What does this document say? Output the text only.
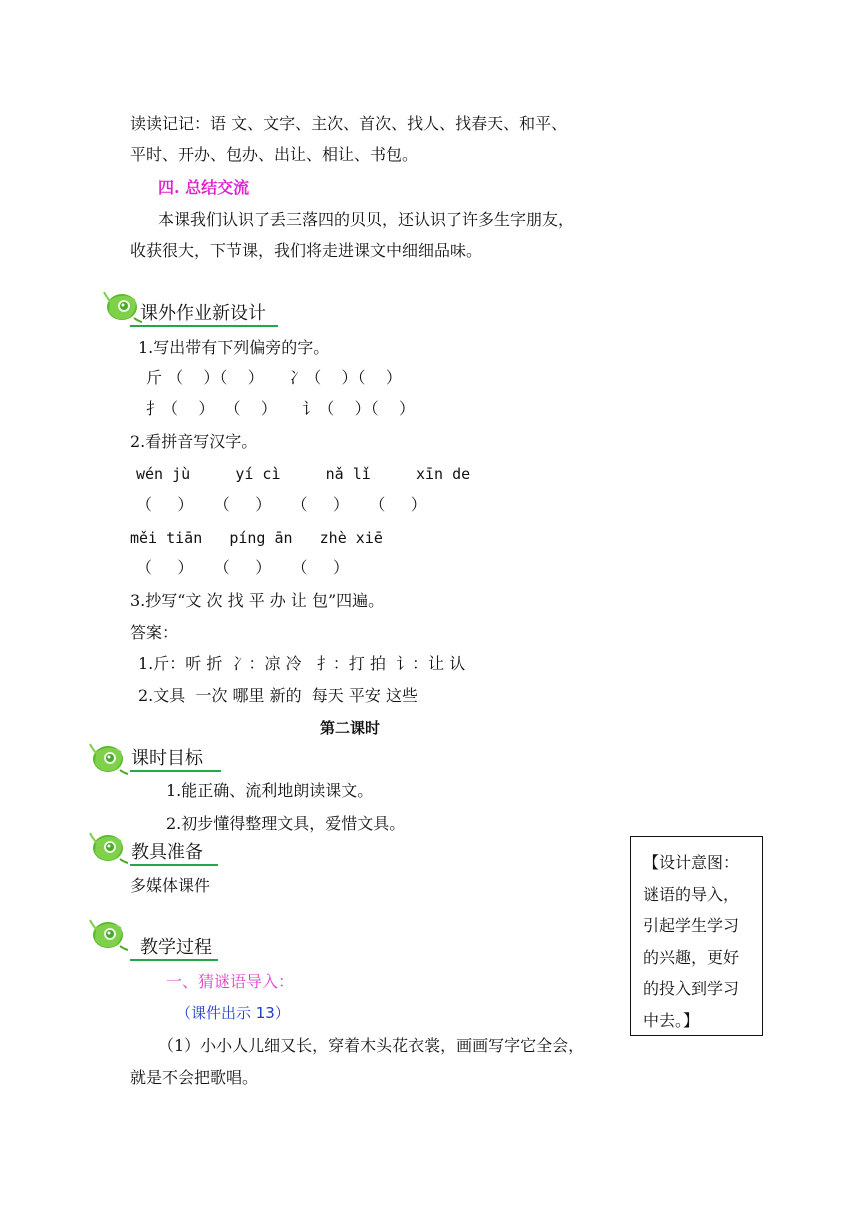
读读记记：语 文、文字、主次、首次、找人、找春天、和平、
平时、开办、包办、出让、相让、书包。
四. 总结交流
本课我们认识了丢三落四的贝贝，还认识了许多生字朋友，
收获很大，下节课，我们将走进课文中细细品味。
课外作业新设计
1.写出带有下列偏旁的字。
斤 （    ）（    ）     冫（    ）（    ）
扌（    ）  （    ）     讠（    ）（    ）
2.看拼音写汉字。
wén jù     yí cì     nǎ lǐ     xīn de
（     ）    （     ）    （     ）    （     ）
měi tiān   píng ān   zhè xiē
（     ）    （     ）    （     ）
3.抄写“文 次 找 平 办 让 包”四遍。
答案：
1.斤：听 折  冫：凉 冷   扌：打 拍  讠：让 认
2.文具  一次 哪里 新的  每天 平安 这些
第二课时
课时目标
1.能正确、流利地朗读课文。
2.初步懂得整理文具，爱惜文具。
教具准备
多媒体课件
教学过程
一、猜谜语导入：
（课件出示 13）
（1）小小人儿细又长，穿着木头花衣裳，画画写字它全会，
就是不会把歌唱。
【设计意图：
谜语的导入，
引起学生学习
的兴趣，更好
的投入到学习
中去。】
